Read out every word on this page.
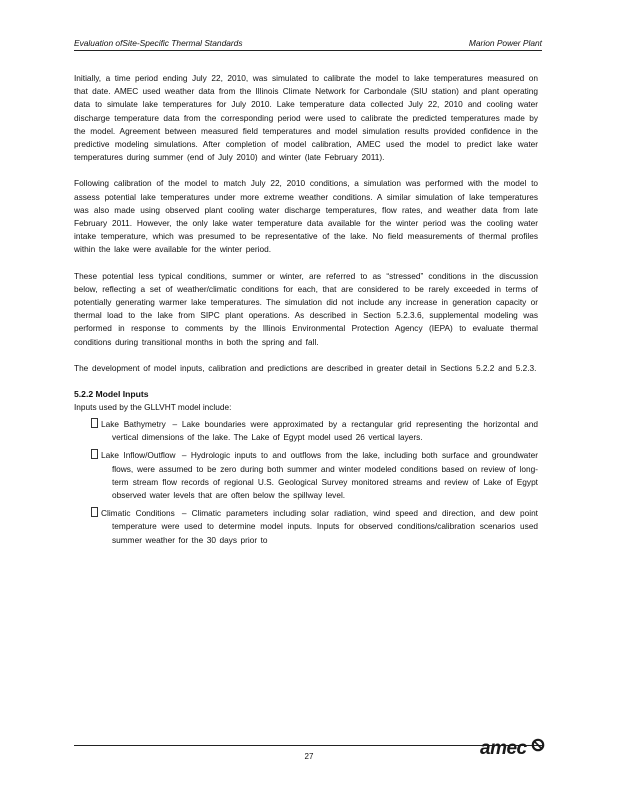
Evaluation ofSite-Specific Thermal Standards	Marion Power Plant

Initially, a time period ending July 22, 2010, was simulated to calibrate the model to lake temperatures measured on that date. AMEC used weather data from the Illinois Climate Network for Carbondale (SIU station) and plant operating data to simulate lake temperatures for July 2010. Lake temperature data collected July 22, 2010 and cooling water discharge temperature data from the corresponding period were used to calibrate the predicted temperatures made by the model. Agreement between measured field temperatures and model simulation results provided confidence in the predictive modeling simulations. After completion of model calibration, AMEC used the model to predict lake water temperatures during summer (end of July 2010) and winter (late February 2011).

Following calibration of the model to match July 22, 2010 conditions, a simulation was performed with the model to assess potential lake temperatures under more extreme weather conditions. A similar simulation of lake temperatures was also made using observed plant cooling water discharge temperatures, flow rates, and weather data from late February 2011. However, the only lake water temperature data available for the winter period was the cooling water intake temperature, which was presumed to be representative of the lake. No field measurements of thermal profiles within the lake were available for the winter period.

These potential less typical conditions, summer or winter, are referred to as “stressed” conditions in the discussion below, reflecting a set of weather/climatic conditions for each, that are considered to be rarely exceeded in terms of potentially generating warmer lake temperatures. The simulation did not include any increase in generation capacity or thermal load to the lake from SIPC plant operations. As described in Section 5.2.3.6, supplemental modeling was performed in response to comments by the Illinois Environmental Protection Agency (IEPA) to evaluate thermal conditions during transitional months in both the spring and fall.

The development of model inputs, calibration and predictions are described in greater detail in Sections 5.2.2 and 5.2.3.

5.2.2 Model Inputs
Inputs used by the GLLVHT model include:
Lake Bathymetry – Lake boundaries were approximated by a rectangular grid representing the horizontal and vertical dimensions of the lake. The Lake of Egypt model used 26 vertical layers.
Lake Inflow/Outflow – Hydrologic inputs to and outflows from the lake, including both surface and groundwater flows, were assumed to be zero during both summer and winter modeled conditions based on review of long-term stream flow records of regional U.S. Geological Survey monitored streams and review of Lake of Egypt observed water levels that are often below the spillway level.
Climatic Conditions – Climatic parameters including solar radiation, wind speed and direction, and dew point temperature were used to determine model inputs. Inputs for observed conditions/calibration scenarios used summer weather for the 30 days prior to
27	amec
